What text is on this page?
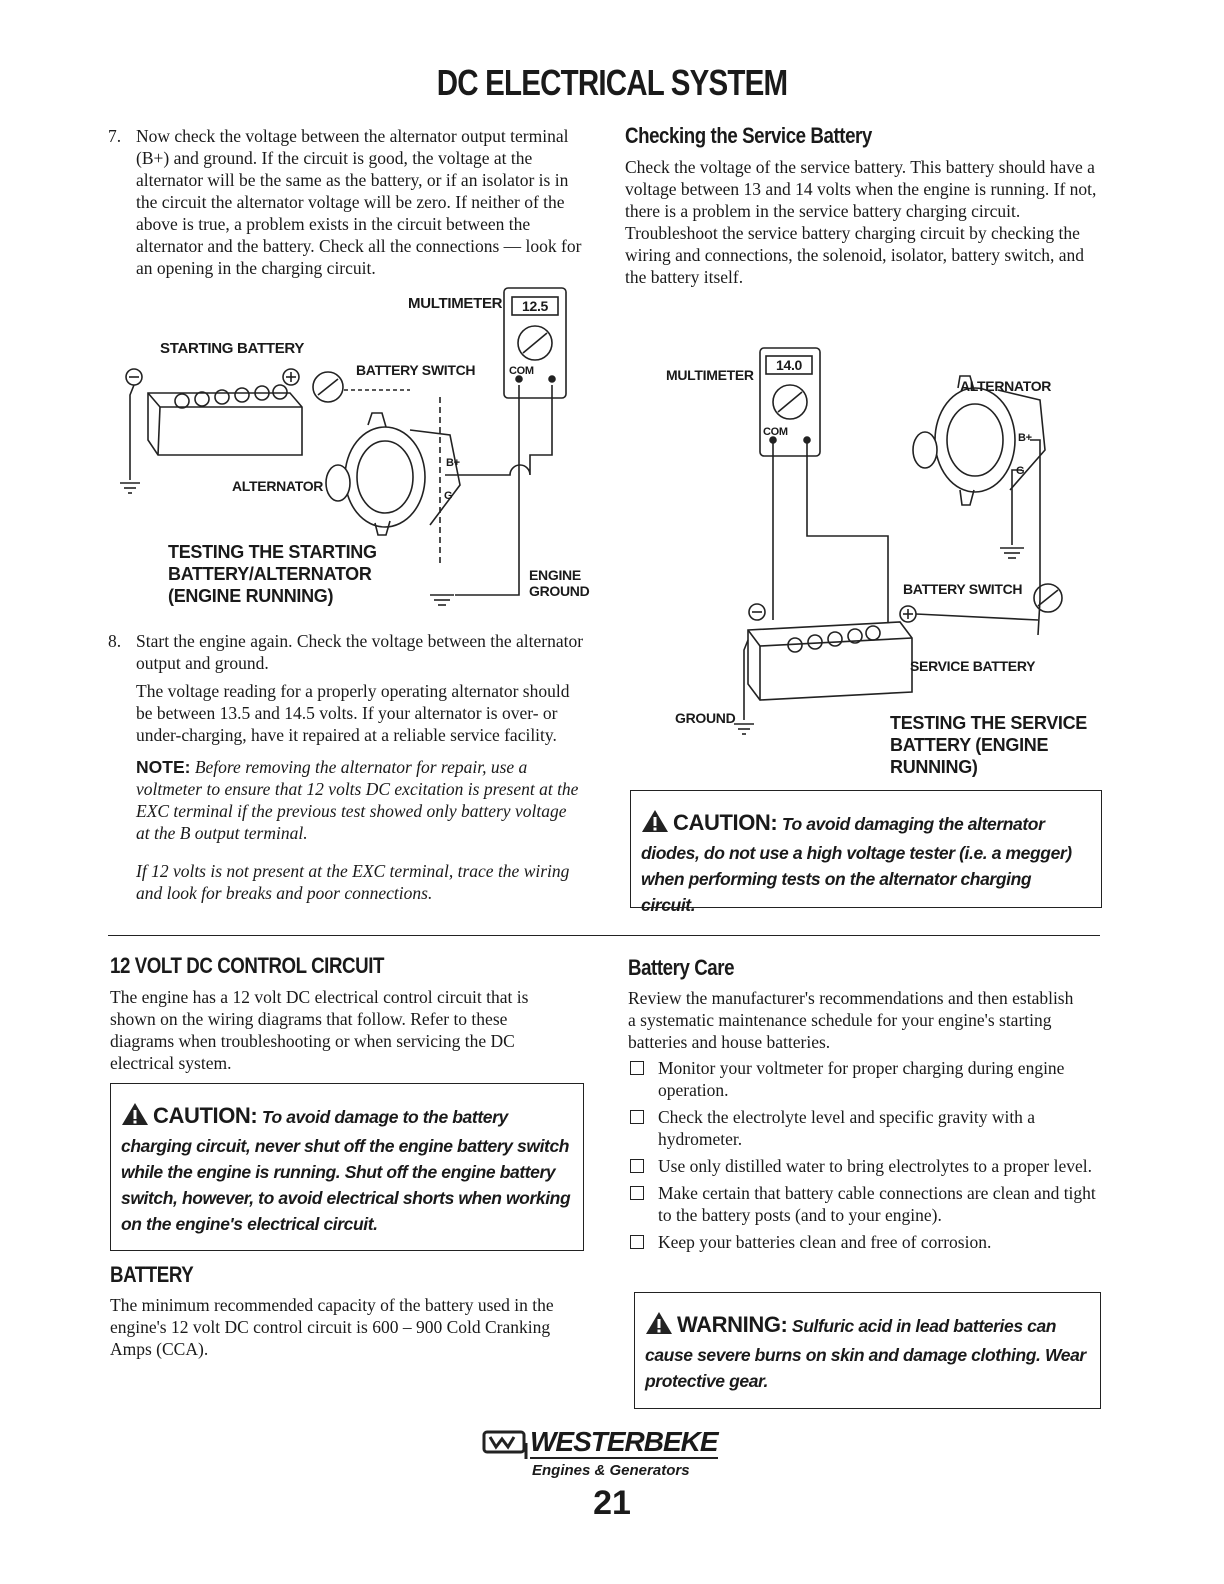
DC ELECTRICAL SYSTEM
7. Now check the voltage between the alternator output terminal (B+) and ground. If the circuit is good, the voltage at the alternator will be the same as the battery, or if an isolator is in the circuit the alternator voltage will be zero. If neither of the above is true, a problem exists in the circuit between the alternator and the battery. Check all the connections — look for an opening in the charging circuit.
MULTIMETER	12.5
STARTING BATTERY
BATTERY SWITCH	COM
ALTERNATOR
B+
G
TESTING THE STARTING
BATTERY/ALTERNATOR
(ENGINE RUNNING)
ENGINE
GROUND
8. Start the engine again. Check the voltage between the alternator output and ground.
The voltage reading for a properly operating alternator should be between 13.5 and 14.5 volts. If your alternator is over- or under-charging, have it repaired at a reliable service facility.
NOTE: Before removing the alternator for repair, use a voltmeter to ensure that 12 volts DC excitation is present at the EXC terminal if the previous test showed only battery voltage at the B output terminal.
If 12 volts is not present at the EXC terminal, trace the wiring and look for breaks and poor connections.
Checking the Service Battery
Check the voltage of the service battery. This battery should have a voltage between 13 and 14 volts when the engine is running. If not, there is a problem in the service battery charging circuit. Troubleshoot the service battery charging circuit by checking the wiring and connections, the solenoid, isolator, battery switch, and the battery itself.
MULTIMETER
14.0
COM
ALTERNATOR
B+
G
BATTERY SWITCH
SERVICE BATTERY
GROUND	TESTING THE SERVICE
BATTERY (ENGINE RUNNING)
CAUTION: To avoid damaging the alternator diodes, do not use a high voltage tester (i.e. a megger) when performing tests on the alternator charging circuit.
12 VOLT DC CONTROL CIRCUIT
The engine has a 12 volt DC electrical control circuit that is shown on the wiring diagrams that follow. Refer to these diagrams when troubleshooting or when servicing the DC electrical system.
CAUTION: To avoid damage to the battery charging circuit, never shut off the engine battery switch while the engine is running. Shut off the engine battery switch, however, to avoid electrical shorts when working on the engine's electrical circuit.
BATTERY
The minimum recommended capacity of the battery used in the engine's 12 volt DC control circuit is 600 – 900 Cold Cranking Amps (CCA).
Battery Care
Review the manufacturer's recommendations and then establish a systematic maintenance schedule for your engine's starting batteries and house batteries.
Monitor your voltmeter for proper charging during engine operation.
Check the electrolyte level and specific gravity with a hydrometer.
Use only distilled water to bring electrolytes to a proper level.
Make certain that battery cable connections are clean and tight to the battery posts (and to your engine).
Keep your batteries clean and free of corrosion.
WARNING: Sulfuric acid in lead batteries can cause severe burns on skin and damage clothing. Wear protective gear.
WESTERBEKE
Engines & Generators
21
